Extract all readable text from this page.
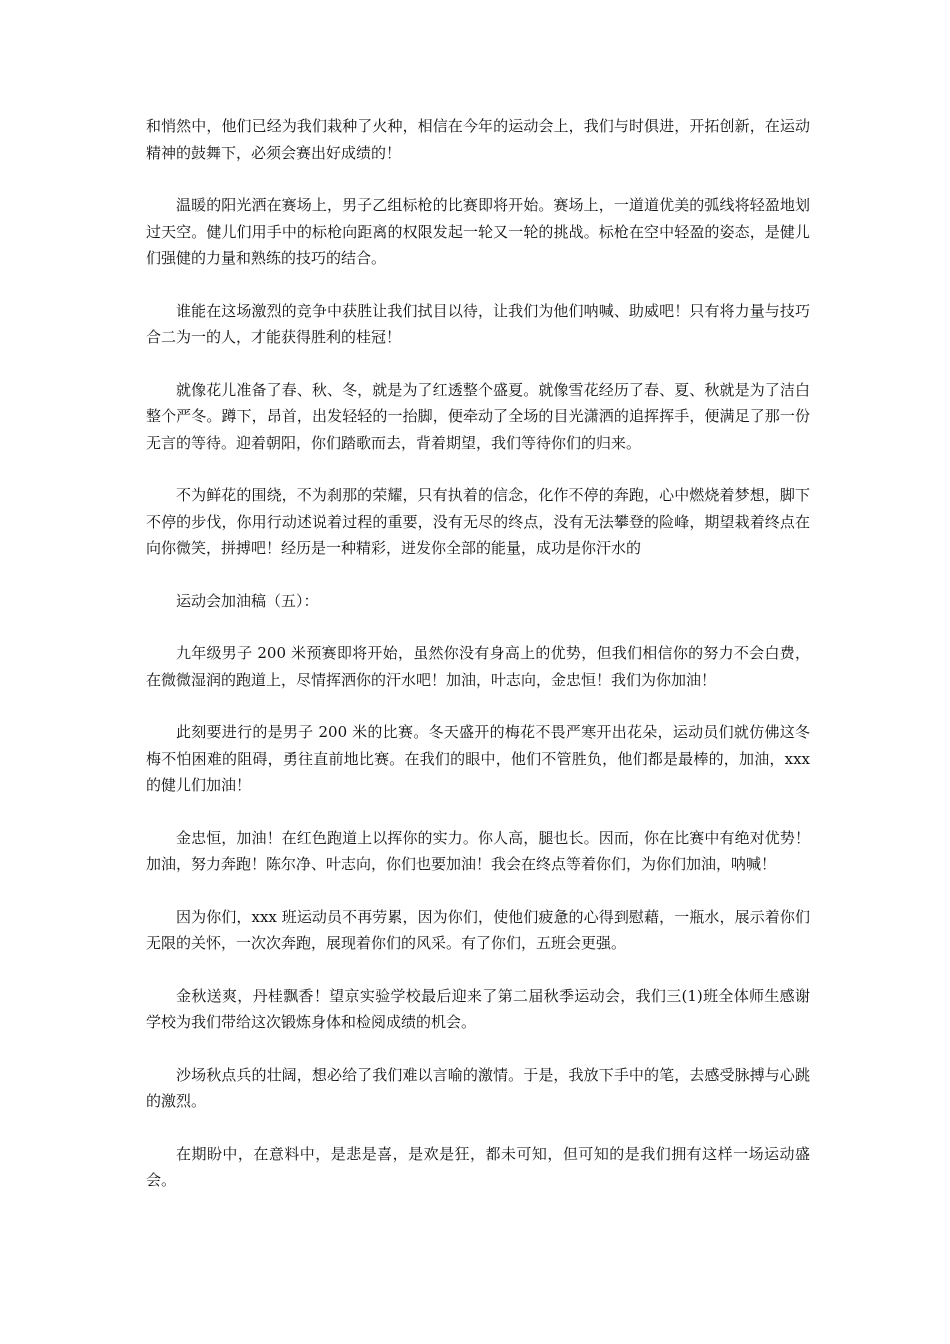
和悄然中，他们已经为我们栽种了火种，相信在今年的运动会上，我们与时俱进，开拓创新，在运动精神的鼓舞下，必须会赛出好成绩的！

温暖的阳光洒在赛场上，男子乙组标枪的比赛即将开始。赛场上，一道道优美的弧线将轻盈地划过天空。健儿们用手中的标枪向距离的权限发起一轮又一轮的挑战。标枪在空中轻盈的姿态，是健儿们强健的力量和熟练的技巧的结合。

谁能在这场激烈的竞争中获胜让我们拭目以待，让我们为他们呐喊、助威吧！只有将力量与技巧合二为一的人，才能获得胜利的桂冠！

就像花儿准备了春、秋、冬，就是为了红透整个盛夏。就像雪花经历了春、夏、秋就是为了洁白整个严冬。蹲下，昂首，出发轻轻的一抬脚，便牵动了全场的目光潇洒的追挥挥手，便满足了那一份无言的等待。迎着朝阳，你们踏歌而去，背着期望，我们等待你们的归来。

不为鲜花的围绕，不为刹那的荣耀，只有执着的信念，化作不停的奔跑，心中燃烧着梦想，脚下不停的步伐，你用行动述说着过程的重要，没有无尽的终点，没有无法攀登的险峰，期望栽着终点在向你微笑，拼搏吧！经历是一种精彩，迸发你全部的能量，成功是你汗水的

运动会加油稿（五）：

九年级男子 200 米预赛即将开始，虽然你没有身高上的优势，但我们相信你的努力不会白费，在微微湿润的跑道上，尽情挥洒你的汗水吧！加油，叶志向，金忠恒！我们为你加油！

此刻要进行的是男子 200 米的比赛。冬天盛开的梅花不畏严寒开出花朵，运动员们就仿佛这冬梅不怕困难的阻碍，勇往直前地比赛。在我们的眼中，他们不管胜负，他们都是最棒的，加油，xxx 的健儿们加油！

金忠恒，加油！在红色跑道上以挥你的实力。你人高，腿也长。因而，你在比赛中有绝对优势！加油，努力奔跑！陈尔净、叶志向，你们也要加油！我会在终点等着你们，为你们加油，呐喊！

因为你们，xxx 班运动员不再劳累，因为你们，使他们疲惫的心得到慰藉，一瓶水，展示着你们无限的关怀，一次次奔跑，展现着你们的风采。有了你们，五班会更强。

金秋送爽，丹桂飘香！望京实验学校最后迎来了第二届秋季运动会，我们三(1)班全体师生感谢学校为我们带给这次锻炼身体和检阅成绩的机会。

沙场秋点兵的壮阔，想必给了我们难以言喻的激情。于是，我放下手中的笔，去感受脉搏与心跳的激烈。

在期盼中，在意料中，是悲是喜，是欢是狂，都未可知，但可知的是我们拥有这样一场运动盛会。
